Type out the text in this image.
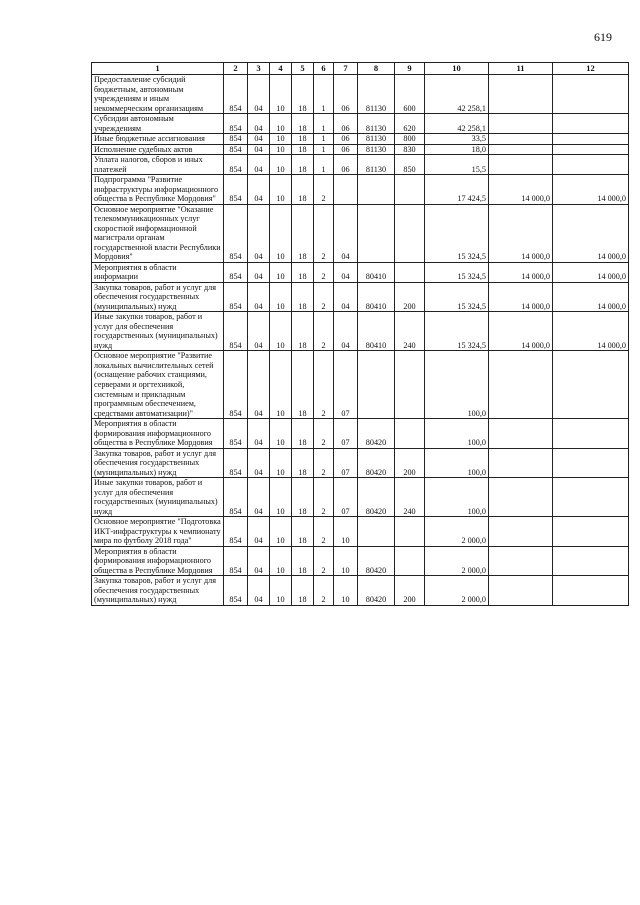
619
1	2	3	4	5	6	7	8	9	10	11	12
Предоставление субсидий бюджетным, автономным учреждениям и иным некоммерческим организациям	854	04	10	18	1	06	81130	600	42 258,1		
Субсидии автономным учреждениям	854	04	10	18	1	06	81130	620	42 258,1		
Иные бюджетные ассигнования	854	04	10	18	1	06	81130	800	33,5		
Исполнение судебных актов	854	04	10	18	1	06	81130	830	18,0		
Уплата налогов, сборов и иных платежей	854	04	10	18	1	06	81130	850	15,5		
Подпрограмма "Развитие инфраструктуры информационного общества в Республике Мордовия"	854	04	10	18	2				17 424,5	14 000,0	14 000,0
Основное мероприятие "Оказание телекоммуникационных услуг скоростной информационной магистрали органам государственной власти Республики Мордовия"	854	04	10	18	2	04			15 324,5	14 000,0	14 000,0
Мероприятия в области информации	854	04	10	18	2	04	80410		15 324,5	14 000,0	14 000,0
Закупка товаров, работ и услуг для обеспечения государственных (муниципальных) нужд	854	04	10	18	2	04	80410	200	15 324,5	14 000,0	14 000,0
Иные закупки товаров, работ и услуг для обеспечения государственных (муниципальных) нужд	854	04	10	18	2	04	80410	240	15 324,5	14 000,0	14 000,0
Основное мероприятие "Развитие локальных вычислительных сетей (оснащение рабочих станциями, серверами и оргтехникой, системным и прикладным программным обеспечением, средствами автоматизации)"	854	04	10	18	2	07			100,0		
Мероприятия в области формирования информационного общества в Республике Мордовия	854	04	10	18	2	07	80420		100,0		
Закупка товаров, работ и услуг для обеспечения государственных (муниципальных) нужд	854	04	10	18	2	07	80420	200	100,0		
Иные закупки товаров, работ и услуг для обеспечения государственных (муниципальных) нужд	854	04	10	18	2	07	80420	240	100,0		
Основное мероприятие "Подготовка ИКТ-инфраструктуры к чемпионату мира по футболу 2018 года"	854	04	10	18	2	10			2 000,0		
Мероприятия в области формирования информационного общества в Республике Мордовия	854	04	10	18	2	10	80420		2 000,0		
Закупка товаров, работ и услуг для обеспечения государственных (муниципальных) нужд	854	04	10	18	2	10	80420	200	2 000,0		
